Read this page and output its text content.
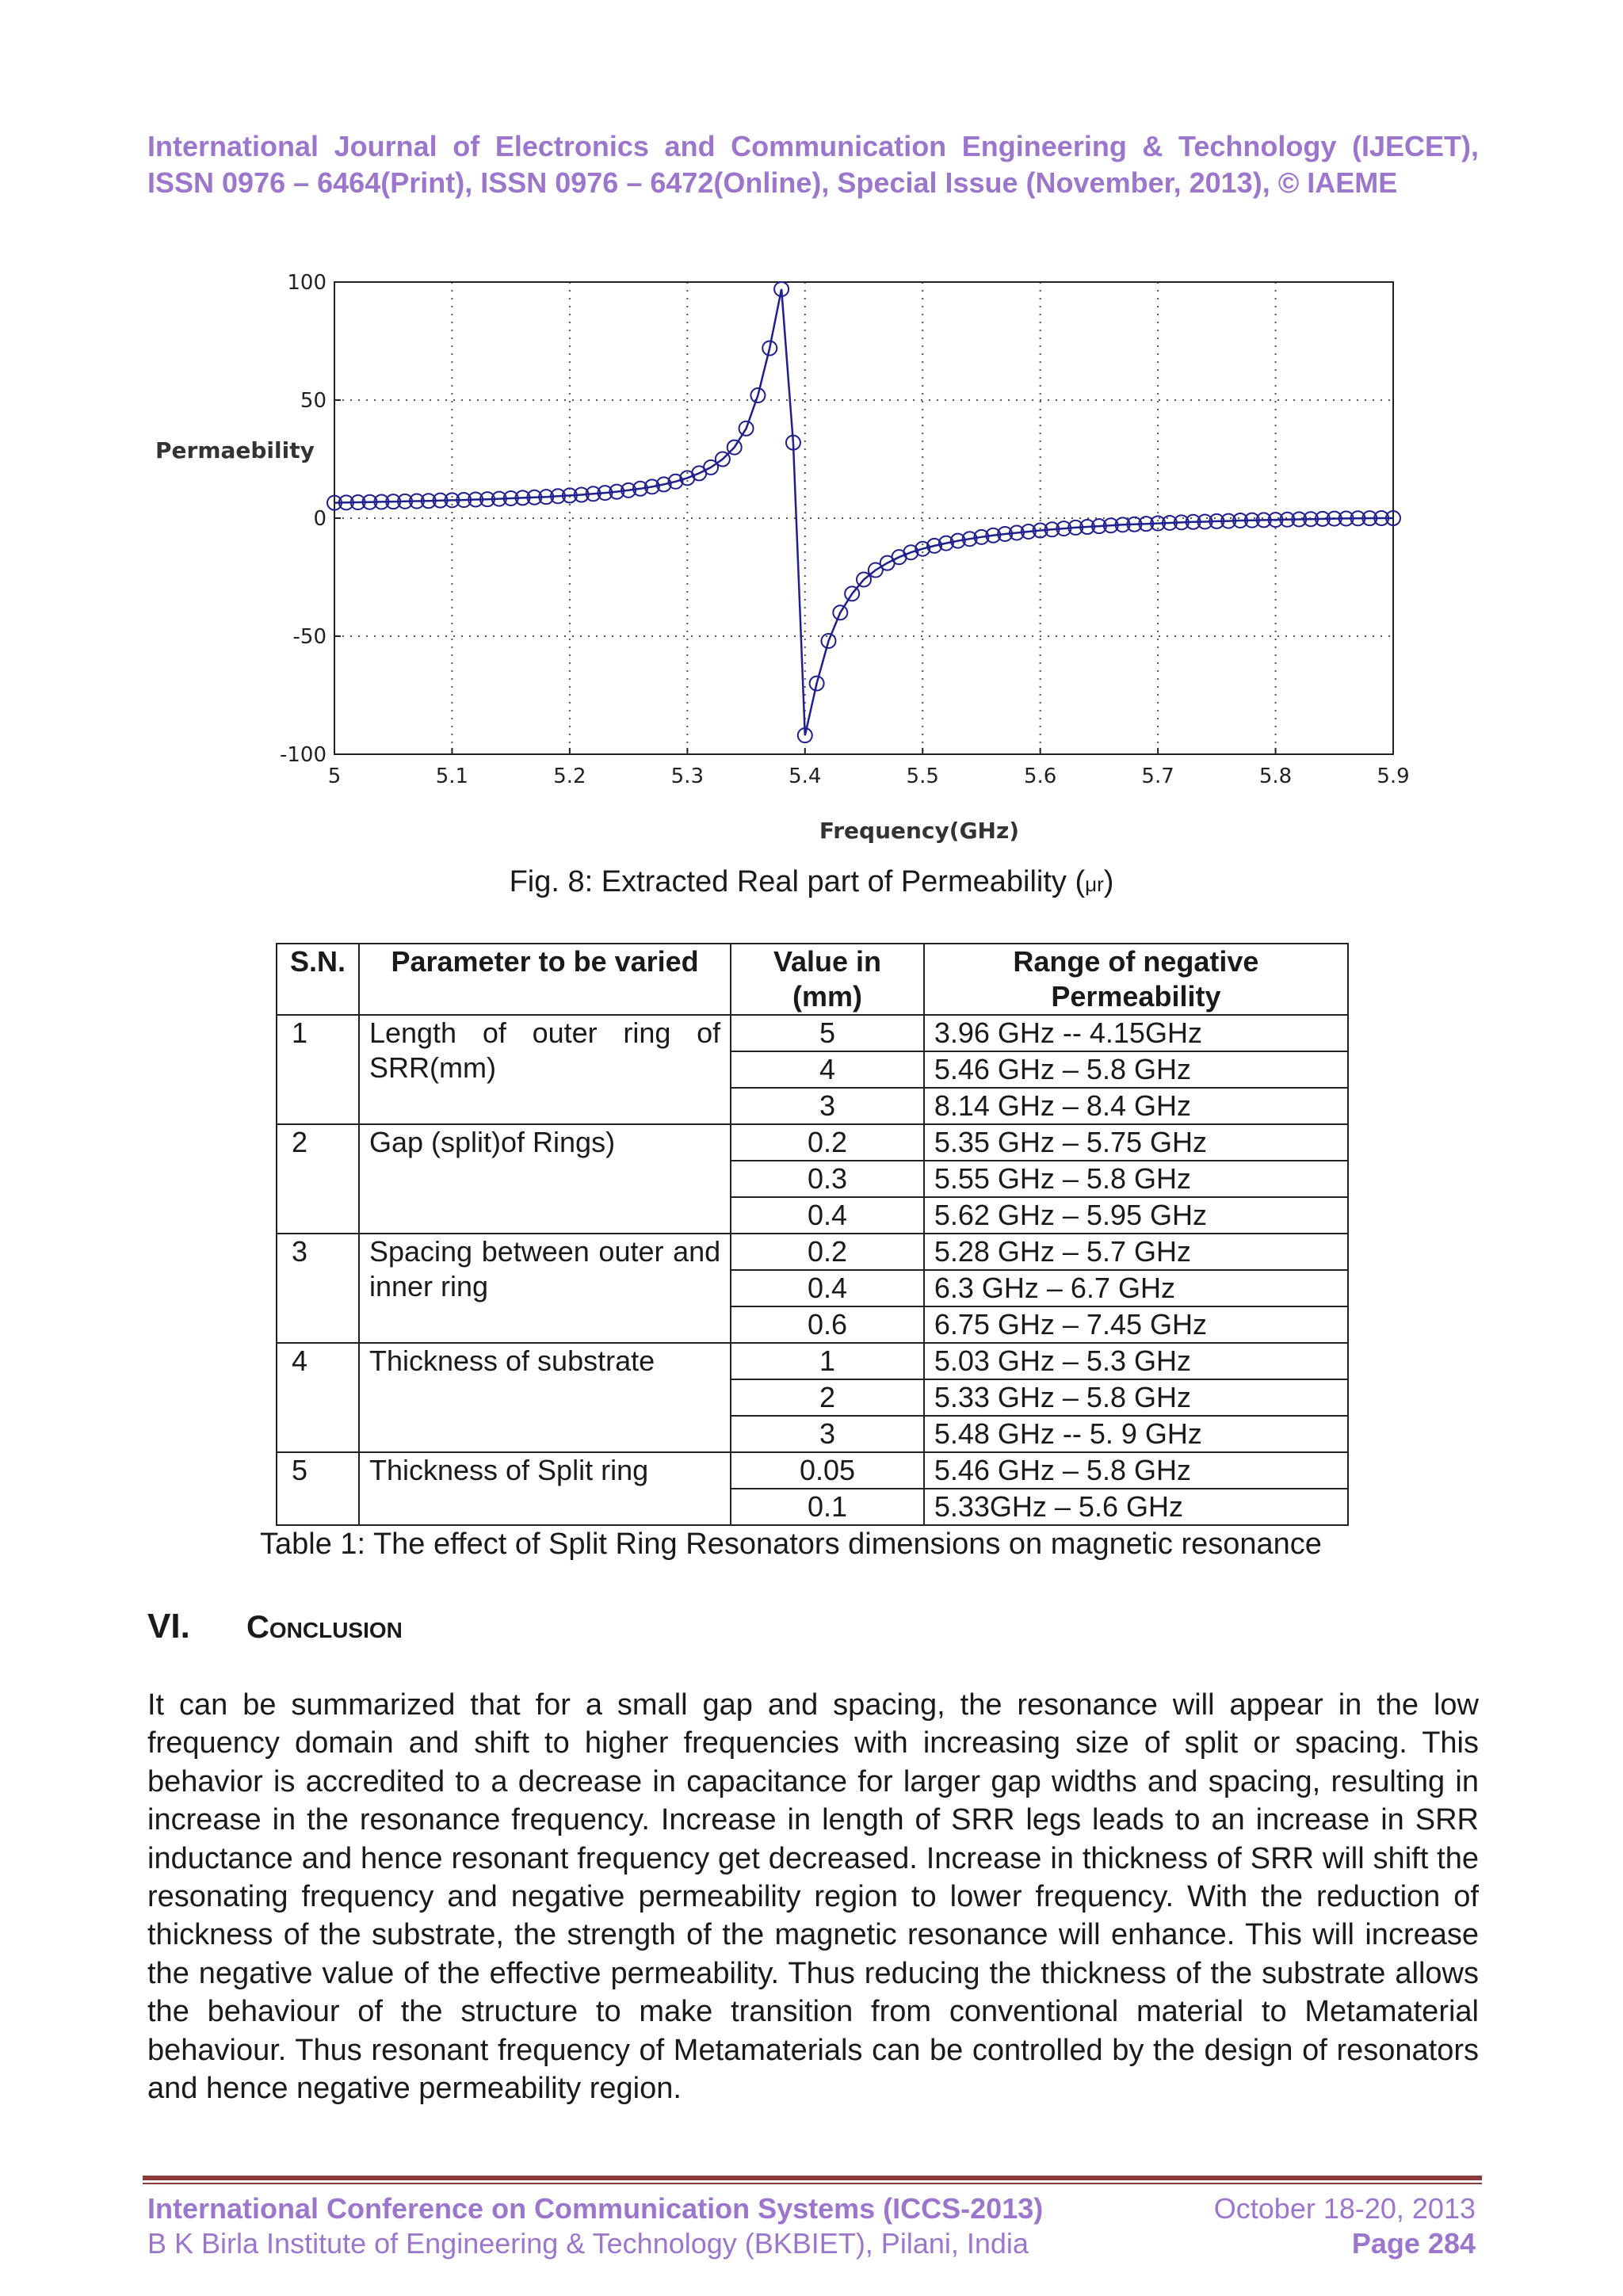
International Journal of Electronics and Communication Engineering & Technology (IJECET),
ISSN 0976 – 6464(Print), ISSN 0976 – 6472(Online), Special Issue (November, 2013), © IAEME
5	5.1	5.2	5.3	5.4	5.5	5.6	5.7	5.8	5.9
100
50
0
-50
-100
Frequency(GHz)
Permaebility
Fig. 8: Extracted Real part of Permeability (μr)
S.N.	Parameter to be varied	Value in (mm)	Range of negative Permeability
1	Length of outer ring of SRR(mm)	5	3.96 GHz -- 4.15GHz
		4	5.46 GHz – 5.8 GHz
		3	8.14 GHz – 8.4 GHz
2	Gap (split)of Rings)	0.2	5.35 GHz – 5.75 GHz
		0.3	5.55 GHz – 5.8 GHz
		0.4	5.62 GHz – 5.95 GHz
3	Spacing between outer and inner ring	0.2	5.28 GHz – 5.7 GHz
		0.4	6.3 GHz – 6.7 GHz
		0.6	6.75 GHz – 7.45 GHz
4	Thickness of substrate	1	5.03 GHz – 5.3 GHz
		2	5.33 GHz – 5.8 GHz
		3	5.48 GHz -- 5. 9 GHz
5	Thickness of Split ring	0.05	5.46 GHz – 5.8 GHz
		0.1	5.33GHz – 5.6 GHz
Table 1: The effect of Split Ring Resonators dimensions on magnetic resonance
VI. Conclusion
It can be summarized that for a small gap and spacing, the resonance will appear in the low frequency domain and shift to higher frequencies with increasing size of split or spacing. This behavior is accredited to a decrease in capacitance for larger gap widths and spacing, resulting in increase in the resonance frequency. Increase in length of SRR legs leads to an increase in SRR inductance and hence resonant frequency get decreased. Increase in thickness of SRR will shift the resonating frequency and negative permeability region to lower frequency. With the reduction of thickness of the substrate, the strength of the magnetic resonance will enhance. This will increase the negative value of the effective permeability. Thus reducing the thickness of the substrate allows the behaviour of the structure to make transition from conventional material to Metamaterial behaviour. Thus resonant frequency of Metamaterials can be controlled by the design of resonators and hence negative permeability region.
International Conference on Communication Systems (ICCS-2013)
B K Birla Institute of Engineering & Technology (BKBIET), Pilani, India
October 18-20, 2013
Page 284
